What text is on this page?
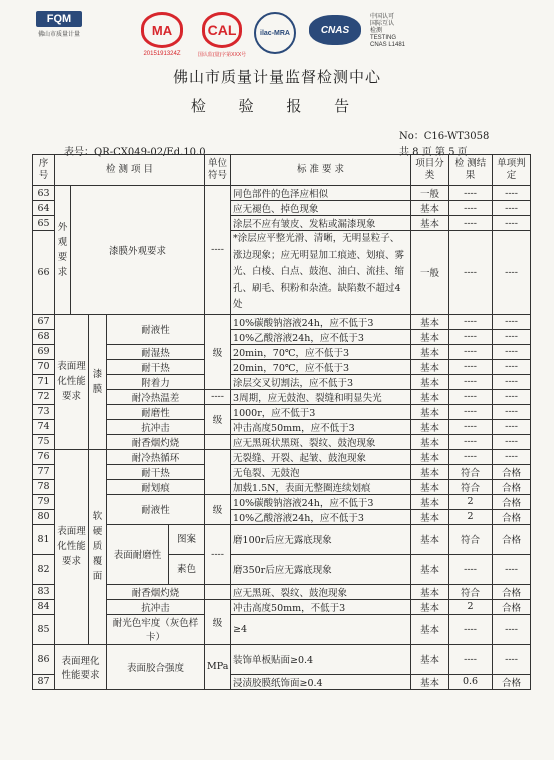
FQM
佛山市质量计量	MA
2015191324Z
CAL
国认监(量)字第XXX号
ilac-MRA	CNAS
中国认可
国际互认
检测
TESTING
CNAS L1481
佛山市质量计量监督检测中心
检 验 报 告
No：C16-WT3058
表号：QR-CX049-02/Ed.10.0	共 8 页 第 5 页
序号	检 测 项 目					单位符号	标 准 要 求	项目分类	检 测结 果	单项判定
63	外观要求	漆膜外观要求				----	同色部件的色泽应相似	一般	----	----
64							应无褪色、掉色现象	基本	----	----
65							涂层不应有皱皮、发粘或漏漆现象	基本	----	----
66							*涂层应平整光滑、清晰，无明显粒子、涨边现象；应无明显加工痕迹、划痕、雾光、白棱、白点、鼓泡、油白、流挂、缩孔、刷毛、积粉和杂渣。缺陷数不超过4处	一般	----	----
67	表面理化性能要求		漆膜	耐液性		级	10%碳酸钠溶液24h，应不低于3	基本	----	----
68							10%乙酸溶液24h，应不低于3	基本	----	----
69				耐湿热			20min，70℃，应不低于3	基本	----	----
70				耐干热			20min，70℃，应不低于3	基本	----	----
71				附着力			涂层交叉切割法，应不低于3	基本	----	----
72				耐冷热温差		----	3周期，应无鼓泡、裂缝和明显失光	基本	----	----
73				耐磨性		级	1000r，应不低于3	基本	----	----
74				抗冲击			冲击高度50mm，应不低于3	基本	----	----
75				耐香烟灼烧			应无黑斑状黑斑、裂纹、鼓泡现象	基本	----	----
76	表面理化性能要求		软硬质覆面	耐冷热循环			无裂缝、开裂、起皱、鼓泡现象	基本	----	----
77				耐干热			无龟裂、无鼓泡	基本	符合	合格
78				耐划痕			加载1.5N，表面无整圈连续划痕	基本	符合	合格
79				耐液性		级	10%碳酸钠溶液24h，应不低于3	基本	2	合格
80							10%乙酸溶液24h，应不低于3	基本	2	合格
81				表面耐磨性	图案	----	磨100r后应无露底现象	基本	符合	合格
82					素色		磨350r后应无露底现象	基本	----	----
83				耐香烟灼烧			应无黑斑、裂纹、鼓泡现象	基本	符合	合格
84				抗冲击		级	冲击高度50mm，不低于3	基本	2	合格
85				耐光色牢度（灰色样卡）			≥4	基本	----	----
86	表面理化性能要求			表面胶合强度		MPa	装饰单板贴面≥0.4	基本	----	----
87							浸渍胶膜纸饰面≥0.4	基本	0.6	合格
